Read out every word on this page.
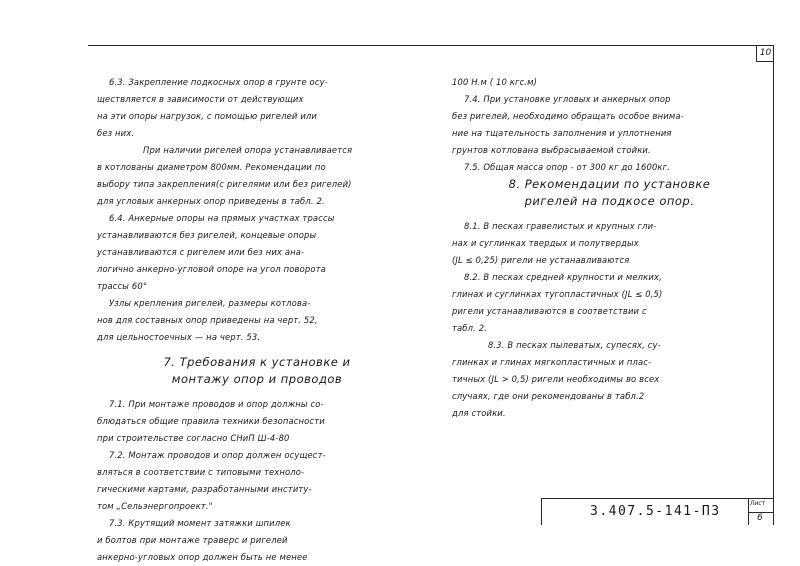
10

6.3. Закрепление подкосных опор в грунте осу-

ществляется в зависимости от действующих

на эти опоры нагрузок, с помощью ригелей или

без них.

При наличии ригелей опора устанавливается

в котлованы диаметром 800мм. Рекомендации по

выбору типа закрепления(с ригелями или без ригелей)

для угловых анкерных опор приведены в табл. 2.

6.4. Анкерные опоры на прямых участках трассы

устанавливаются без ригелей, концевые опоры

устанавливаются с ригелем или без них ана-

логично анкерно-угловой опоре на угол поворота

трассы 60°

Узлы крепления ригелей, размеры котлова-

нов для составных опор приведены на черт. 52,

для цельностоечных — на черт. 53.

7. Требования к установке и

монтажу опор и проводов

7.1. При монтаже проводов и опор должны со-

блюдаться общие правила техники безопасности

при строительстве согласно СНиП Ш-4-80

7.2. Монтаж проводов и опор должен осущест-

вляться в соответствии с типовыми техноло-

гическими картами, разработанными институ-

том „Сельэнергопроект."

7.3. Крутящий момент затяжки шпилек

и болтов при монтаже траверс и ригелей

анкерно-угловых опор должен быть не менее

100 Н.м ( 10 кгс.м)

7.4. При установке угловых и анкерных опор

без ригелей, необходимо обращать особое внима-

ние на тщательность заполнения и уплотнения

грунтов котлована выбрасываемой стойки.

7.5. Общая масса опор - от 300 кг до 1600кг.

8. Рекомендации по установке

ригелей на подкосе опор.

8.1. В песках гравелистых и крупных гли-

нах и суглинках твердых и полутвердых

(JL ≤ 0,25) ригели не устанавливаются

8.2. В песках средней крупности и мелких,

глинах и суглинках тугопластичных (JL ≤ 0,5)

ригели устанавливаются в соответствии с

табл. 2.

8.3. В песках пылеватых, супесях, су-

глинках и глинах мягкопластичных и плас-

тичных (JL > 0,5) ригели необходимы во всех

случаях, где они рекомендованы в табл.2

для стойки.

3.407.5-141-П3
Лист
6
